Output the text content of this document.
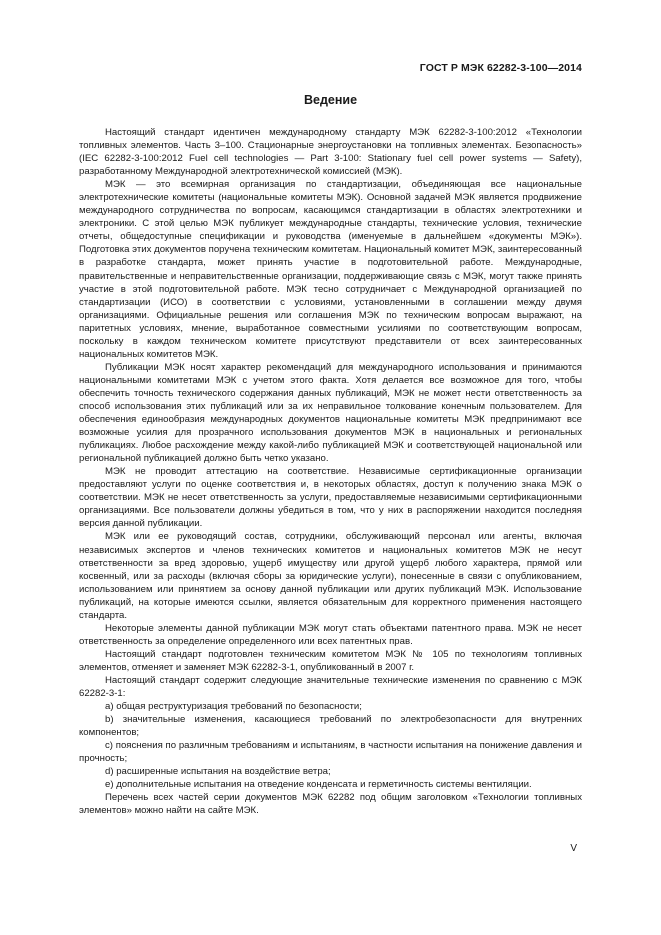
ГОСТ Р МЭК 62282-3-100—2014
Ведение

Настоящий стандарт идентичен международному стандарту МЭК 62282-3-100:2012 «Технологии топливных элементов. Часть 3–100. Стационарные энергоустановки на топливных элементах. Безопасность» (IEC 62282-3-100:2012 Fuel cell technologies — Part 3-100: Stationary fuel cell power systems — Safety), разработанному Международной электротехнической комиссией (МЭК).

МЭК — это всемирная организация по стандартизации, объединяющая все национальные электротехнические комитеты (национальные комитеты МЭК). Основной задачей МЭК является продвижение международного сотрудничества по вопросам, касающимся стандартизации в областях электротехники и электроники. С этой целью МЭК публикует международные стандарты, технические условия, технические отчеты, общедоступные спецификации и руководства (именуемые в дальнейшем «документы МЭК»). Подготовка этих документов поручена техническим комитетам. Национальный комитет МЭК, заинтересованный в разработке стандарта, может принять участие в подготовительной работе. Международные, правительственные и неправительственные организации, поддерживающие связь с МЭК, могут также принять участие в этой подготовительной работе. МЭК тесно сотрудничает с Международной организацией по стандартизации (ИСО) в соответствии с условиями, установленными в соглашении между двумя организациями. Официальные решения или соглашения МЭК по техническим вопросам выражают, на паритетных условиях, мнение, выработанное совместными усилиями по соответствующим вопросам, поскольку в каждом техническом комитете присутствуют представители от всех заинтересованных национальных комитетов МЭК.

Публикации МЭК носят характер рекомендаций для международного использования и принимаются национальными комитетами МЭК с учетом этого факта. Хотя делается все возможное для того, чтобы обеспечить точность технического содержания данных публикаций, МЭК не может нести ответственность за способ использования этих публикаций или за их неправильное толкование конечным пользователем. Для обеспечения единообразия международных документов национальные комитеты МЭК предпринимают все возможные усилия для прозрачного использования документов МЭК в национальных и региональных публикациях. Любое расхождение между какой-либо публикацией МЭК и соответствующей национальной или региональной публикацией должно быть четко указано.

МЭК не проводит аттестацию на соответствие. Независимые сертификационные организации предоставляют услуги по оценке соответствия и, в некоторых областях, доступ к получению знака МЭК о соответствии. МЭК не несет ответственность за услуги, предоставляемые независимыми сертификационными организациями. Все пользователи должны убедиться в том, что у них в распоряжении находится последняя версия данной публикации.

МЭК или ее руководящий состав, сотрудники, обслуживающий персонал или агенты, включая независимых экспертов и членов технических комитетов и национальных комитетов МЭК не несут ответственности за вред здоровью, ущерб имуществу или другой ущерб любого характера, прямой или косвенный, или за расходы (включая сборы за юридические услуги), понесенные в связи с опубликованием, использованием или принятием за основу данной публикации или других публикаций МЭК. Использование публикаций, на которые имеются ссылки, является обязательным для корректного применения настоящего стандарта.

Некоторые элементы данной публикации МЭК могут стать объектами патентного права. МЭК не несет ответственность за определение определенного или всех патентных прав.

Настоящий стандарт подготовлен техническим комитетом МЭК № 105 по технологиям топливных элементов, отменяет и заменяет МЭК 62282-3-1, опубликованный в 2007 г.

Настоящий стандарт содержит следующие значительные технические изменения по сравнению с МЭК 62282-3-1:

a) общая реструктуризация требований по безопасности;

b) значительные изменения, касающиеся требований по электробезопасности для внутренних компонентов;

c) пояснения по различным требованиям и испытаниям, в частности испытания на понижение давления и прочность;

d) расширенные испытания на воздействие ветра;

e) дополнительные испытания на отведение конденсата и герметичность системы вентиляции.

Перечень всех частей серии документов МЭК 62282 под общим заголовком «Технологии топливных элементов» можно найти на сайте МЭК.

V
